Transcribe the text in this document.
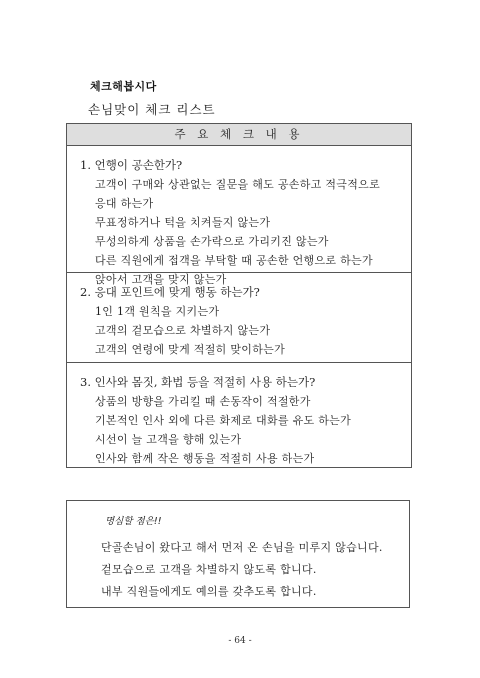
체크해봅시다
손님맞이 체크 리스트
주 요 체 크 내 용
1. 언행이 공손한가?
고객이 구매와 상관없는 질문을 해도 공손하고 적극적으로
응대 하는가
무표정하거나 턱을 치켜들지 않는가
무성의하게 상품을 손가락으로 가리키진 않는가
다른 직원에게 접객을 부탁할 때 공손한 언행으로 하는가
앉아서 고객을 맞지 않는가
2. 응대 포인트에 맞게 행동 하는가?
1인 1객 원칙을 지키는가
고객의 겉모습으로 차별하지 않는가
고객의 연령에 맞게 적절히 맞이하는가
3. 인사와 몸짓, 화법 등을 적절히 사용 하는가?
상품의 방향을 가리킬 때 손동작이 적절한가
기본적인 인사 외에 다른 화제로 대화를 유도 하는가
시선이 늘 고객을 향해 있는가
인사와 함께 작은 행동을 적절히 사용 하는가
명심할 점은!!
단골손님이 왔다고 해서 먼저 온 손님을 미루지 않습니다.
겉모습으로 고객을 차별하지 않도록 합니다.
내부 직원들에게도 예의를 갖추도록 합니다.
- 64 -
